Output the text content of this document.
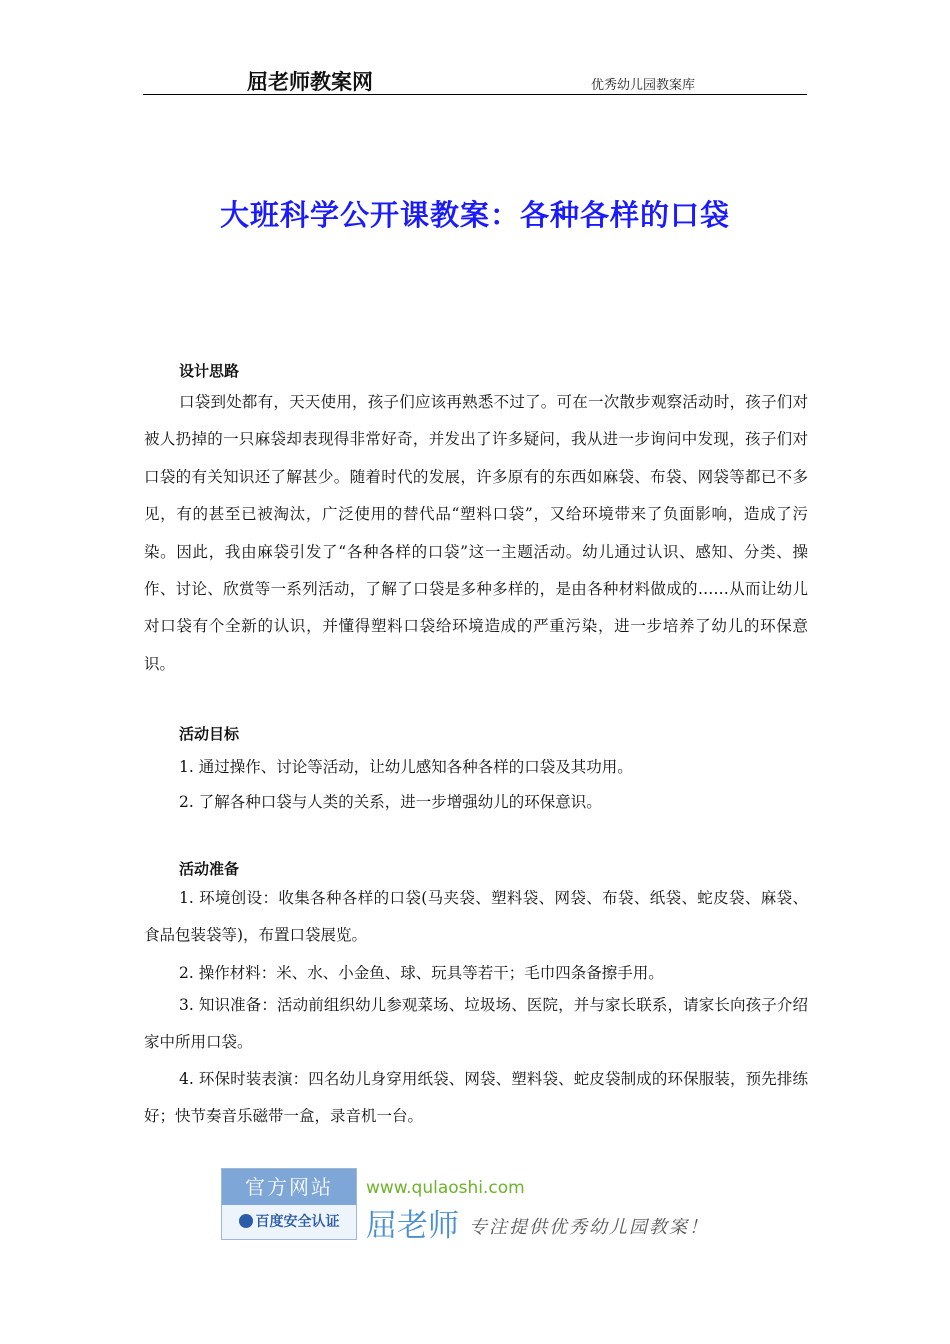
屈老师教案网	优秀幼儿园教案库
大班科学公开课教案：各种各样的口袋
设计思路

口袋到处都有，天天使用，孩子们应该再熟悉不过了。可在一次散步观察活动时，孩子们对被人扔掉的一只麻袋却表现得非常好奇，并发出了许多疑问，我从进一步询问中发现，孩子们对口袋的有关知识还了解甚少。随着时代的发展，许多原有的东西如麻袋、布袋、网袋等都已不多见，有的甚至已被淘汰，广泛使用的替代品“塑料口袋”，又给环境带来了负面影响，造成了污染。因此，我由麻袋引发了“各种各样的口袋”这一主题活动。幼儿通过认识、感知、分类、操作、讨论、欣赏等一系列活动，了解了口袋是多种多样的，是由各种材料做成的……从而让幼儿对口袋有个全新的认识，并懂得塑料口袋给环境造成的严重污染，进一步培养了幼儿的环保意识。

活动目标
1. 通过操作、讨论等活动，让幼儿感知各种各样的口袋及其功用。
2. 了解各种口袋与人类的关系，进一步增强幼儿的环保意识。
活动准备

1. 环境创设：收集各种各样的口袋(马夹袋、塑料袋、网袋、布袋、纸袋、蛇皮袋、麻袋、食品包装袋等)，布置口袋展览。

2. 操作材料：米、水、小金鱼、球、玩具等若干；毛巾四条备擦手用。

3. 知识准备：活动前组织幼儿参观菜场、垃圾场、医院，并与家长联系，请家长向孩子介绍家中所用口袋。

4. 环保时装表演：四名幼儿身穿用纸袋、网袋、塑料袋、蛇皮袋制成的环保服装，预先排练好；快节奏音乐磁带一盒，录音机一台。

官方网站
百度安全认证
www.qulaoshi.com
屈老师 专注提供优秀幼儿园教案！
